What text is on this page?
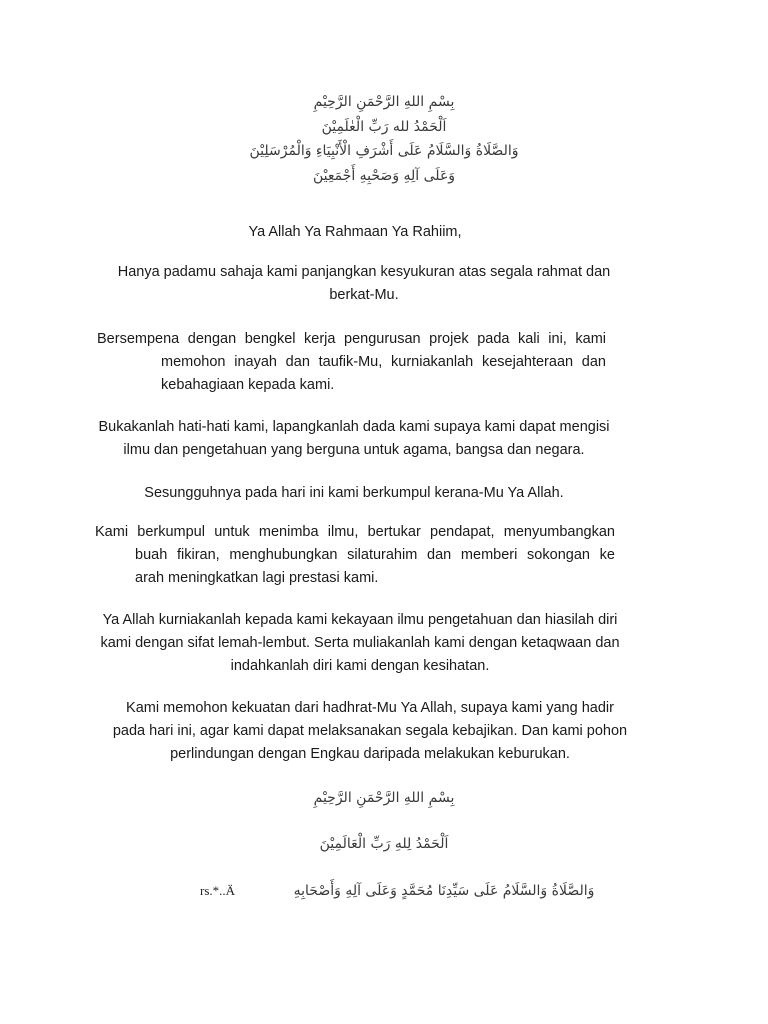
بِسْمِ اللهِ الرَّحْمَنِ الرَّحِيْمِ
اَلْحَمْدُ لله رَبِّ الْعٰلَمِيْنَ
وَالصَّلَاةُ وَالسَّلَامُ عَلَى أَشْرَفِ الْأَنْبِيَاءِ وَالْمُرْسَلِيْنَ
وَعَلَى آلِهِ وَصَحْبِهِ أَجْمَعِيْنَ
Ya Allah Ya Rahmaan Ya Rahiim,
Hanya padamu sahaja kami panjangkan kesyukuran atas segala rahmat dan
berkat-Mu.
Bersempena dengan bengkel kerja pengurusan projek pada kali ini, kami
memohon inayah dan taufik-Mu, kurniakanlah kesejahteraan dan
kebahagiaan kepada kami.
Bukakanlah hati-hati kami, lapangkanlah dada kami supaya kami dapat mengisi
ilmu dan pengetahuan yang berguna untuk agama, bangsa dan negara.
Sesungguhnya pada hari ini kami berkumpul kerana-Mu Ya Allah.
Kami berkumpul untuk menimba ilmu, bertukar pendapat, menyumbangkan
buah fikiran, menghubungkan silaturahim dan memberi sokongan ke
arah meningkatkan lagi prestasi kami.
Ya Allah kurniakanlah kepada kami kekayaan ilmu pengetahuan dan hiasilah diri
kami dengan sifat lemah-lembut. Serta muliakanlah kami dengan ketaqwaan dan
indahkanlah diri kami dengan kesihatan.
Kami memohon kekuatan dari hadhrat-Mu Ya Allah, supaya kami yang hadir
pada hari ini, agar kami dapat melaksanakan segala kebajikan. Dan kami pohon
perlindungan dengan Engkau daripada melakukan keburukan.
بِسْمِ اللهِ الرَّحْمَنِ الرَّحِيْمِ
اَلْحَمْدُ لِلهِ رَبِّ الْعَالَمِيْنَ
وَالصَّلَاةُ وَالسَّلَامُ عَلَى سَيِّدِنَا مُحَمَّدٍ وَعَلَى آلِهِ وَأَصْحَابِهِ
rs.*..Ä
